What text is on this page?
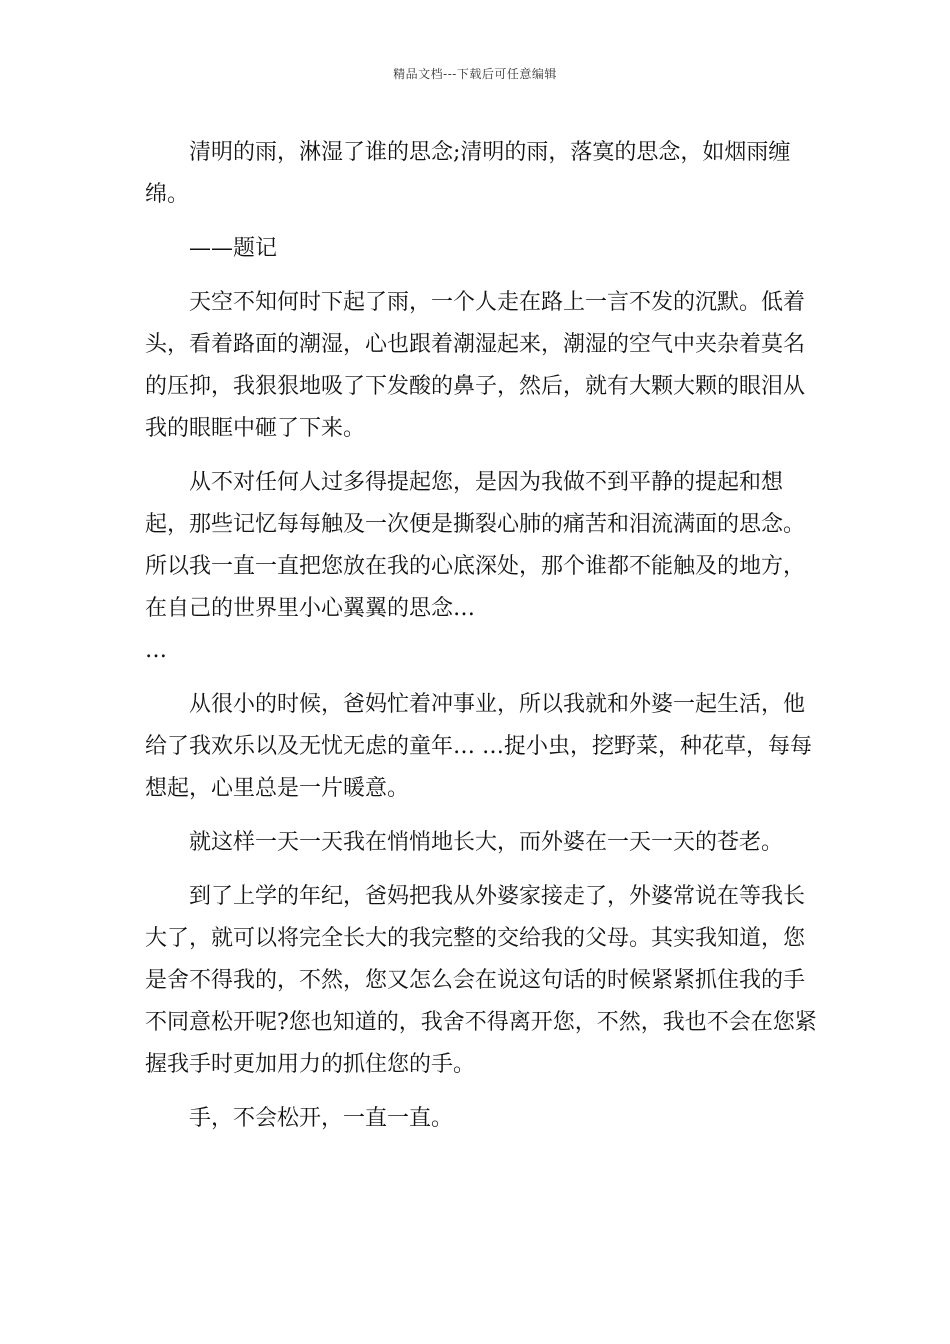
精品文档---下载后可任意编辑

清明的雨，淋湿了谁的思念;清明的雨，落寞的思念，如烟雨缠绵。

——题记

天空不知何时下起了雨，一个人走在路上一言不发的沉默。低着头，看着路面的潮湿，心也跟着潮湿起来，潮湿的空气中夹杂着莫名的压抑，我狠狠地吸了下发酸的鼻子，然后，就有大颗大颗的眼泪从我的眼眶中砸了下来。

从不对任何人过多得提起您，是因为我做不到平静的提起和想起，那些记忆每每触及一次便是撕裂心肺的痛苦和泪流满面的思念。所以我一直一直把您放在我的心底深处，那个谁都不能触及的地方，在自己的世界里小心翼翼的思念…

…

从很小的时候，爸妈忙着冲事业，所以我就和外婆一起生活，他给了我欢乐以及无忧无虑的童年… …捉小虫，挖野菜，种花草，每每想起，心里总是一片暖意。

就这样一天一天我在悄悄地长大，而外婆在一天一天的苍老。

到了上学的年纪，爸妈把我从外婆家接走了，外婆常说在等我长大了，就可以将完全长大的我完整的交给我的父母。其实我知道，您是舍不得我的，不然，您又怎么会在说这句话的时候紧紧抓住我的手不同意松开呢?您也知道的，我舍不得离开您，不然，我也不会在您紧握我手时更加用力的抓住您的手。

手，不会松开，一直一直。
